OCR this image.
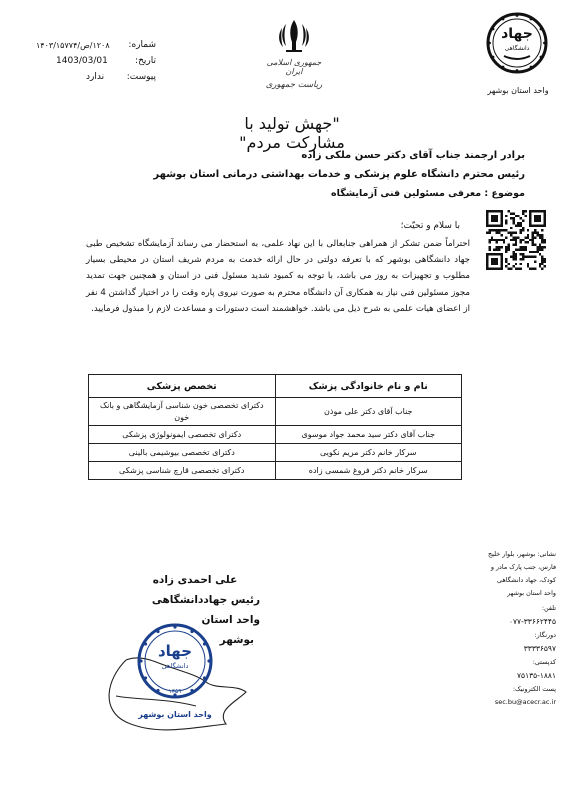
شماره:
۱۲۰۸/ص/۱۴۰۳/۱۵۷۷۴
تاریخ:
1403/03/01
پیوست:
ندارد
جمهوری اسلامی ایران
ریاست جمهوری
جهاد
دانشگاهی
واحد استان بوشهر
"جهش تولید با مشارکت مردم"
برادر ارجمند جناب آقای دکتر حسن ملکی زاده
رئیس محترم دانشگاه علوم پزشکی و خدمات بهداشتی درمانی استان بوشهر
موضوع : معرفی مسئولین فنی آزمایشگاه
با سلام و تحیّت؛
احتراماً ضمن تشکر از همراهی جنابعالی با این نهاد علمی، به استحضار می رساند آزمایشگاه تشخیص طبی جهاد دانشگاهی بوشهر که با تعرفه دولتی در حال ارائه خدمت به مردم شریف استان در محیطی بسیار مطلوب و تجهیزات به روز می باشد، با توجه به کمبود شدید مسئول فنی در استان و همچنین جهت تمدید مجوز مسئولین فنی نیاز به همکاری آن دانشگاه محترم به صورت نیروی پاره وقت را در اختیار گذاشتن 4 نفر از اعضای هیات علمی به شرح ذیل می باشد. خواهشمند است دستورات و مساعدت لازم را مبذول فرمایید.
نام و نام خانوادگی پزشک	تخصص پزشکی
جناب آقای دکتر علی موذن	دکترای تخصصی خون شناسی آزمایشگاهی و بانک خون
جناب آقای دکتر سید محمد جواد موسوی	دکترای تخصصی ایمونولوژی پزشکی
سرکار خانم دکتر مریم نکویی	دکترای تخصصی بیوشیمی بالینی
سرکار خانم دکتر فروغ شمسی زاده	دکترای تخصصی قارچ شناسی پزشکی
علی احمدی زاده
رئیس جهاددانشگاهی واحد استان
بوشهر
جهاد
دانشگاهی
۱۳۵۹
واحد استان بوشهر
نشانی: بوشهر، بلوار خلیج فارس، جنب پارک مادر و کودک، جهاد دانشگاهی واحد استان بوشهر
تلفن:
۰۷۷-۳۳۶۶۲۴۴۵
دورنگار:
۳۳۳۳۶۵۹۷
کدپستی:
۷۵۱۳۵-۱۸۸۱
پست الکترونیک:
sec.bu@acecr.ac.ir
